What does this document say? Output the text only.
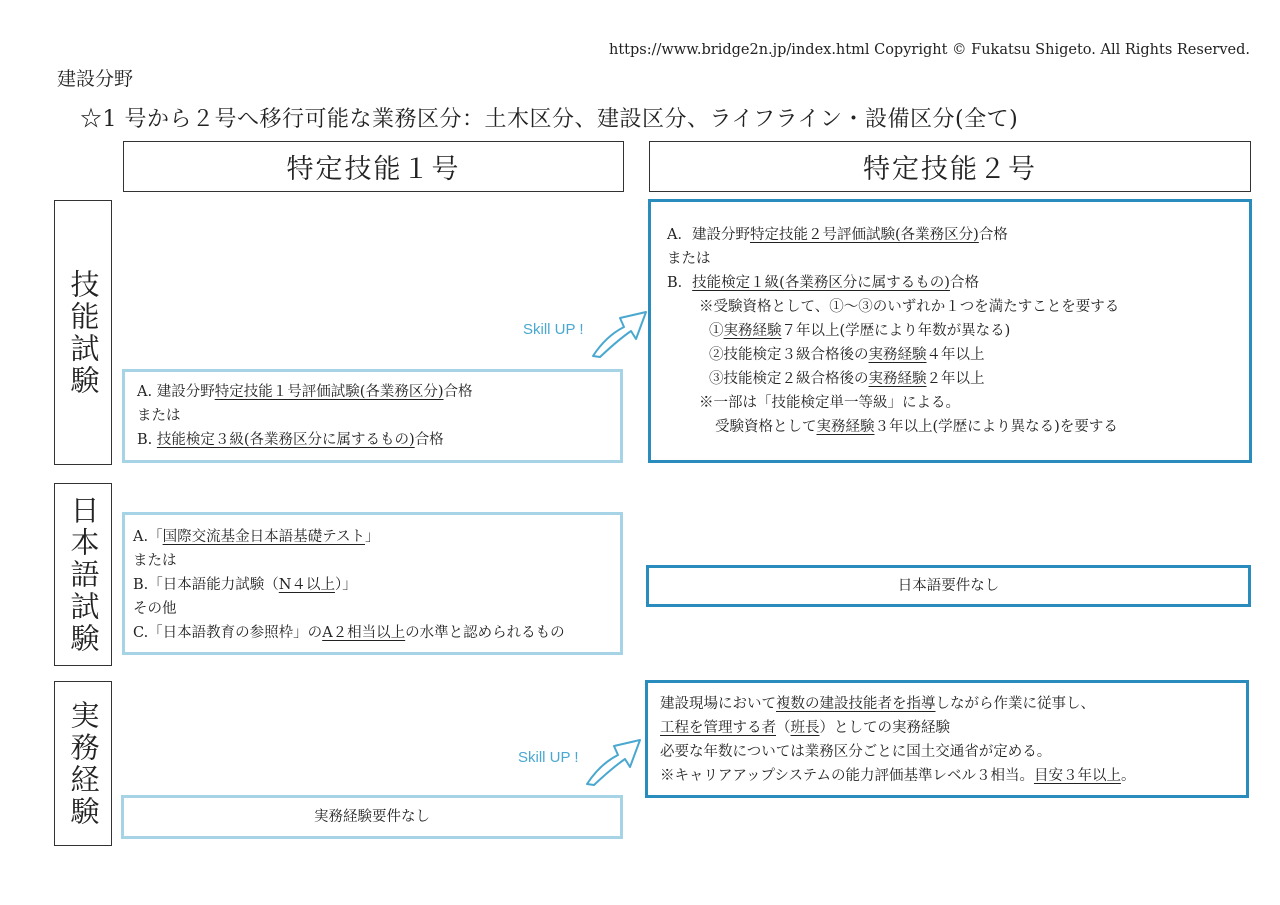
https://www.bridge2n.jp/index.html Copyright © Fukatsu Shigeto. All Rights Reserved.
建設分野
☆1 号から２号へ移行可能な業務区分：土木区分、建設区分、ライフライン・設備区分(全て)
特定技能１号	特定技能２号
技能試験
日本語試験
実務経験
A. 建設分野特定技能１号評価試験(各業務区分)合格
または
B. 技能検定３級(各業務区分に属するもの)合格
A．建設分野特定技能２号評価試験(各業務区分)合格
または
B．技能検定１級(各業務区分に属するもの)合格
※受験資格として、①～③のいずれか１つを満たすことを要する
①実務経験７年以上(学歴により年数が異なる)
②技能検定３級合格後の実務経験４年以上
③技能検定２級合格後の実務経験２年以上
※一部は「技能検定単一等級」による。
受験資格として実務経験３年以上(学歴により異なる)を要する
A.「国際交流基金日本語基礎テスト」
または
B.「日本語能力試験（N４以上）」
その他
C.「日本語教育の参照枠」のA２相当以上の水準と認められるもの
日本語要件なし
実務経験要件なし
建設現場において複数の建設技能者を指導しながら作業に従事し、
工程を管理する者（班長）としての実務経験
必要な年数については業務区分ごとに国土交通省が定める。
※キャリアアップシステムの能力評価基準レベル３相当。目安３年以上。
Skill UP !
Skill UP !
